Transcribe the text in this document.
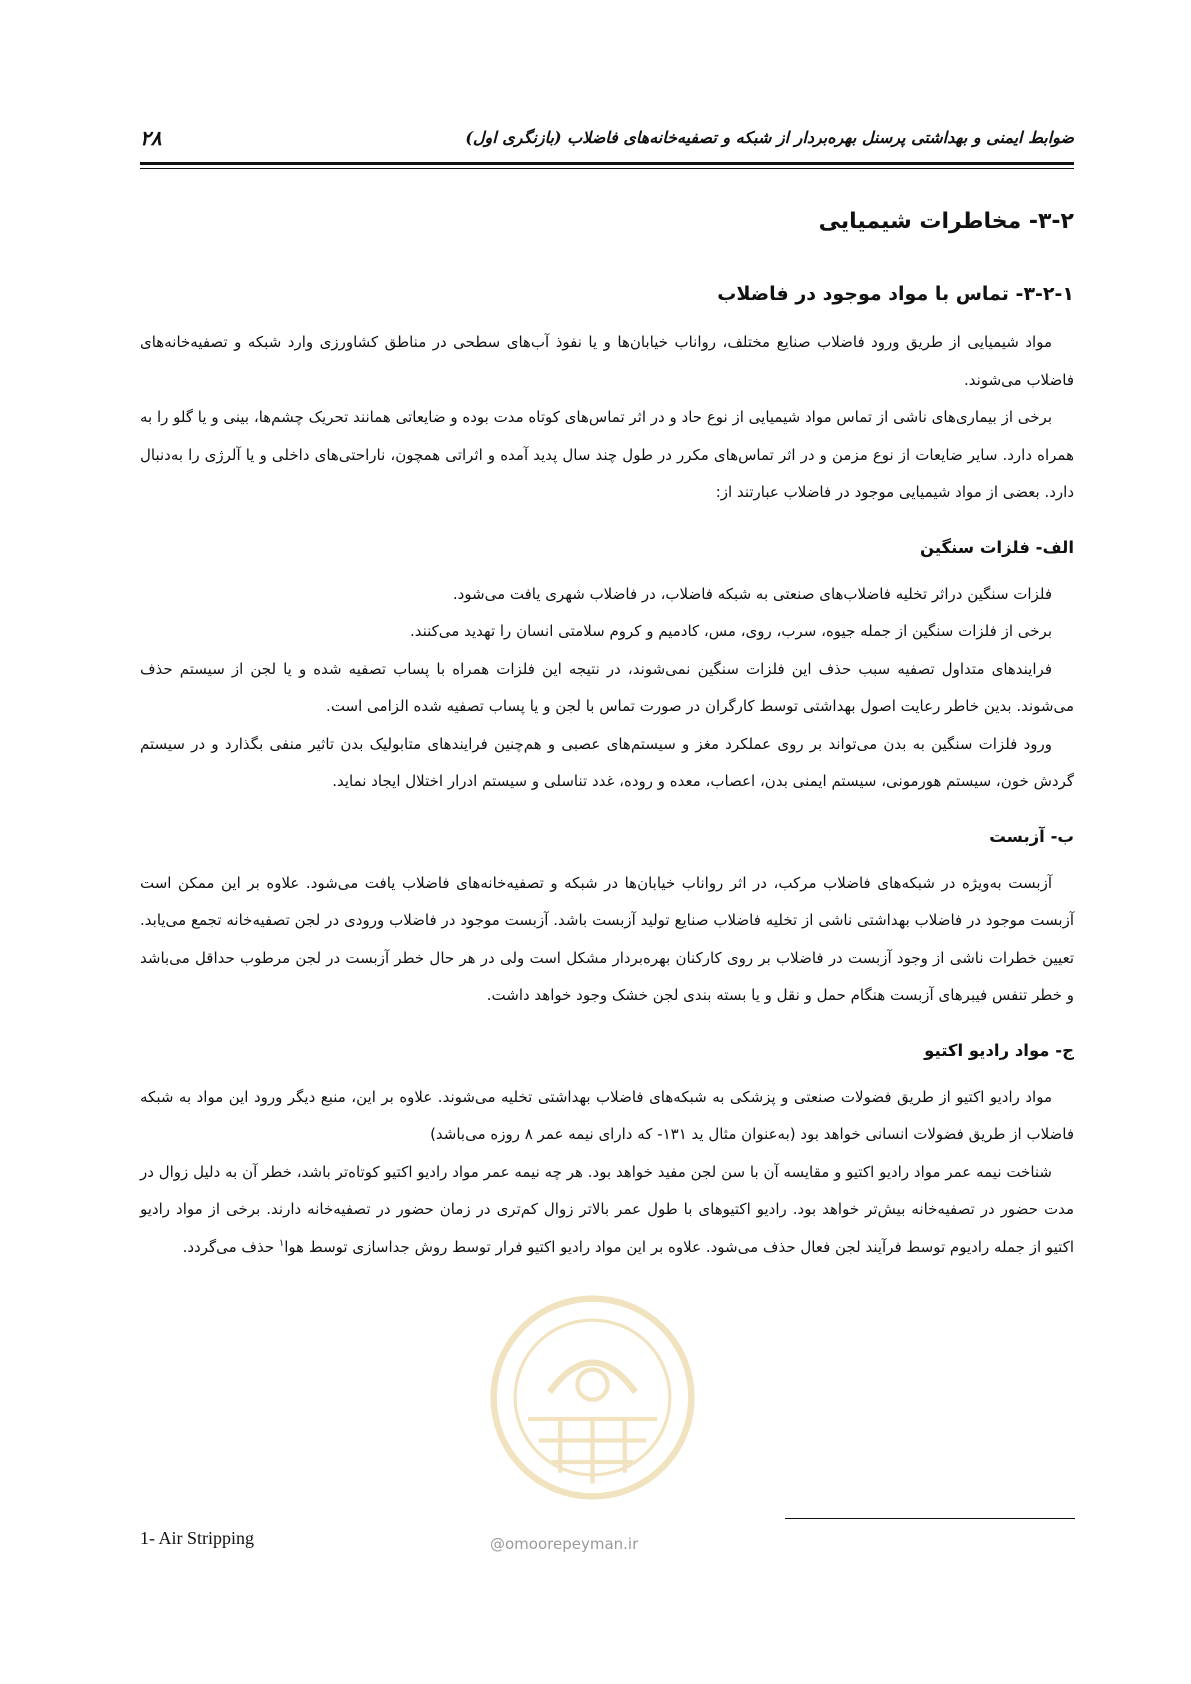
ضوابط ایمنی و بهداشتی پرسنل بهره‌بردار از شبکه و تصفیه‌خانه‌های فاضلاب (بازنگری اول)
۲۸
۳-۲- مخاطرات شیمیایی
۳-۲-۱- تماس با مواد موجود در فاضلاب

مواد شیمیایی از طریق ورود فاضلاب صنایع مختلف، رواناب خیابان‌ها و یا نفوذ آب‌های سطحی در مناطق کشاورزی وارد شبکه و تصفیه‌خانه‌های فاضلاب می‌شوند.

برخی از بیماری‌های ناشی از تماس مواد شیمیایی از نوع حاد و در اثر تماس‌های کوتاه مدت بوده و ضایعاتی همانند تحریک چشم‌ها، بینی و یا گلو را به همراه دارد. سایر ضایعات از نوع مزمن و در اثر تماس‌های مکرر در طول چند سال پدید آمده و اثراتی همچون، ناراحتی‌های داخلی و یا آلرژی را به‌دنبال دارد. بعضی از مواد شیمیایی موجود در فاضلاب عبارتند از:

الف- فلزات سنگین

فلزات سنگین دراثر تخلیه فاضلاب‌های صنعتی به شبکه فاضلاب، در فاضلاب شهری یافت می‌شود.

برخی از فلزات سنگین از جمله جیوه، سرب، روی، مس، کادمیم و کروم سلامتی انسان را تهدید می‌کنند.

فرایندهای متداول تصفیه سبب حذف این فلزات سنگین نمی‌شوند، در نتیجه این فلزات همراه با پساب تصفیه شده و یا لجن از سیستم حذف می‌شوند. بدین خاطر رعایت اصول بهداشتی توسط کارگران در صورت تماس با لجن و یا پساب تصفیه شده الزامی است.

ورود فلزات سنگین به بدن می‌تواند بر روی عملکرد مغز و سیستم‌های عصبی و هم‌چنین فرایندهای متابولیک بدن تاثیر منفی بگذارد و در سیستم گردش خون، سیستم هورمونی، سیستم ایمنی بدن، اعصاب، معده و روده، غدد تناسلی و سیستم ادرار اختلال ایجاد نماید.

ب- آزبست

آزبست به‌ویژه در شبکه‌های فاضلاب مرکب، در اثر رواناب خیابان‌ها در شبکه و تصفیه‌خانه‌های فاضلاب یافت می‌شود. علاوه بر این ممکن است آزبست موجود در فاضلاب بهداشتی ناشی از تخلیه فاضلاب صنایع تولید آزبست باشد. آزبست موجود در فاضلاب ورودی در لجن تصفیه‌خانه تجمع می‌یابد. تعیین خطرات ناشی از وجود آزبست در فاضلاب بر روی کارکنان بهره‌بردار مشکل است ولی در هر حال خطر آزبست در لجن مرطوب حداقل می‌باشد و خطر تنفس فیبرهای آزبست هنگام حمل و نقل و یا بسته بندی لجن خشک وجود خواهد داشت.

ج- مواد رادیو اکتیو

مواد رادیو اکتیو از طریق فضولات صنعتی و پزشکی به شبکه‌های فاضلاب بهداشتی تخلیه می‌شوند. علاوه بر این، منبع دیگر ورود این مواد به شبکه فاضلاب از طریق فضولات انسانی خواهد بود (به‌عنوان مثال ید ۱۳۱- که دارای نیمه عمر ۸ روزه می‌باشد)

شناخت نیمه عمر مواد رادیو اکتیو و مقایسه آن با سن لجن مفید خواهد بود. هر چه نیمه عمر مواد رادیو اکتیو کوتاه‌تر باشد، خطر آن به دلیل زوال در مدت حضور در تصفیه‌خانه بیش‌تر خواهد بود. رادیو اکتیوهای با طول عمر بالاتر زوال کم‌تری در زمان حضور در تصفیه‌خانه دارند. برخی از مواد رادیو اکتیو از جمله رادیوم توسط فرآیند لجن فعال حذف می‌شود. علاوه بر این مواد رادیو اکتیو فرار توسط روش جداسازی توسط هوا$^۱$ حذف می‌گردد.

@omoorepeyman.ir
1- Air Stripping
